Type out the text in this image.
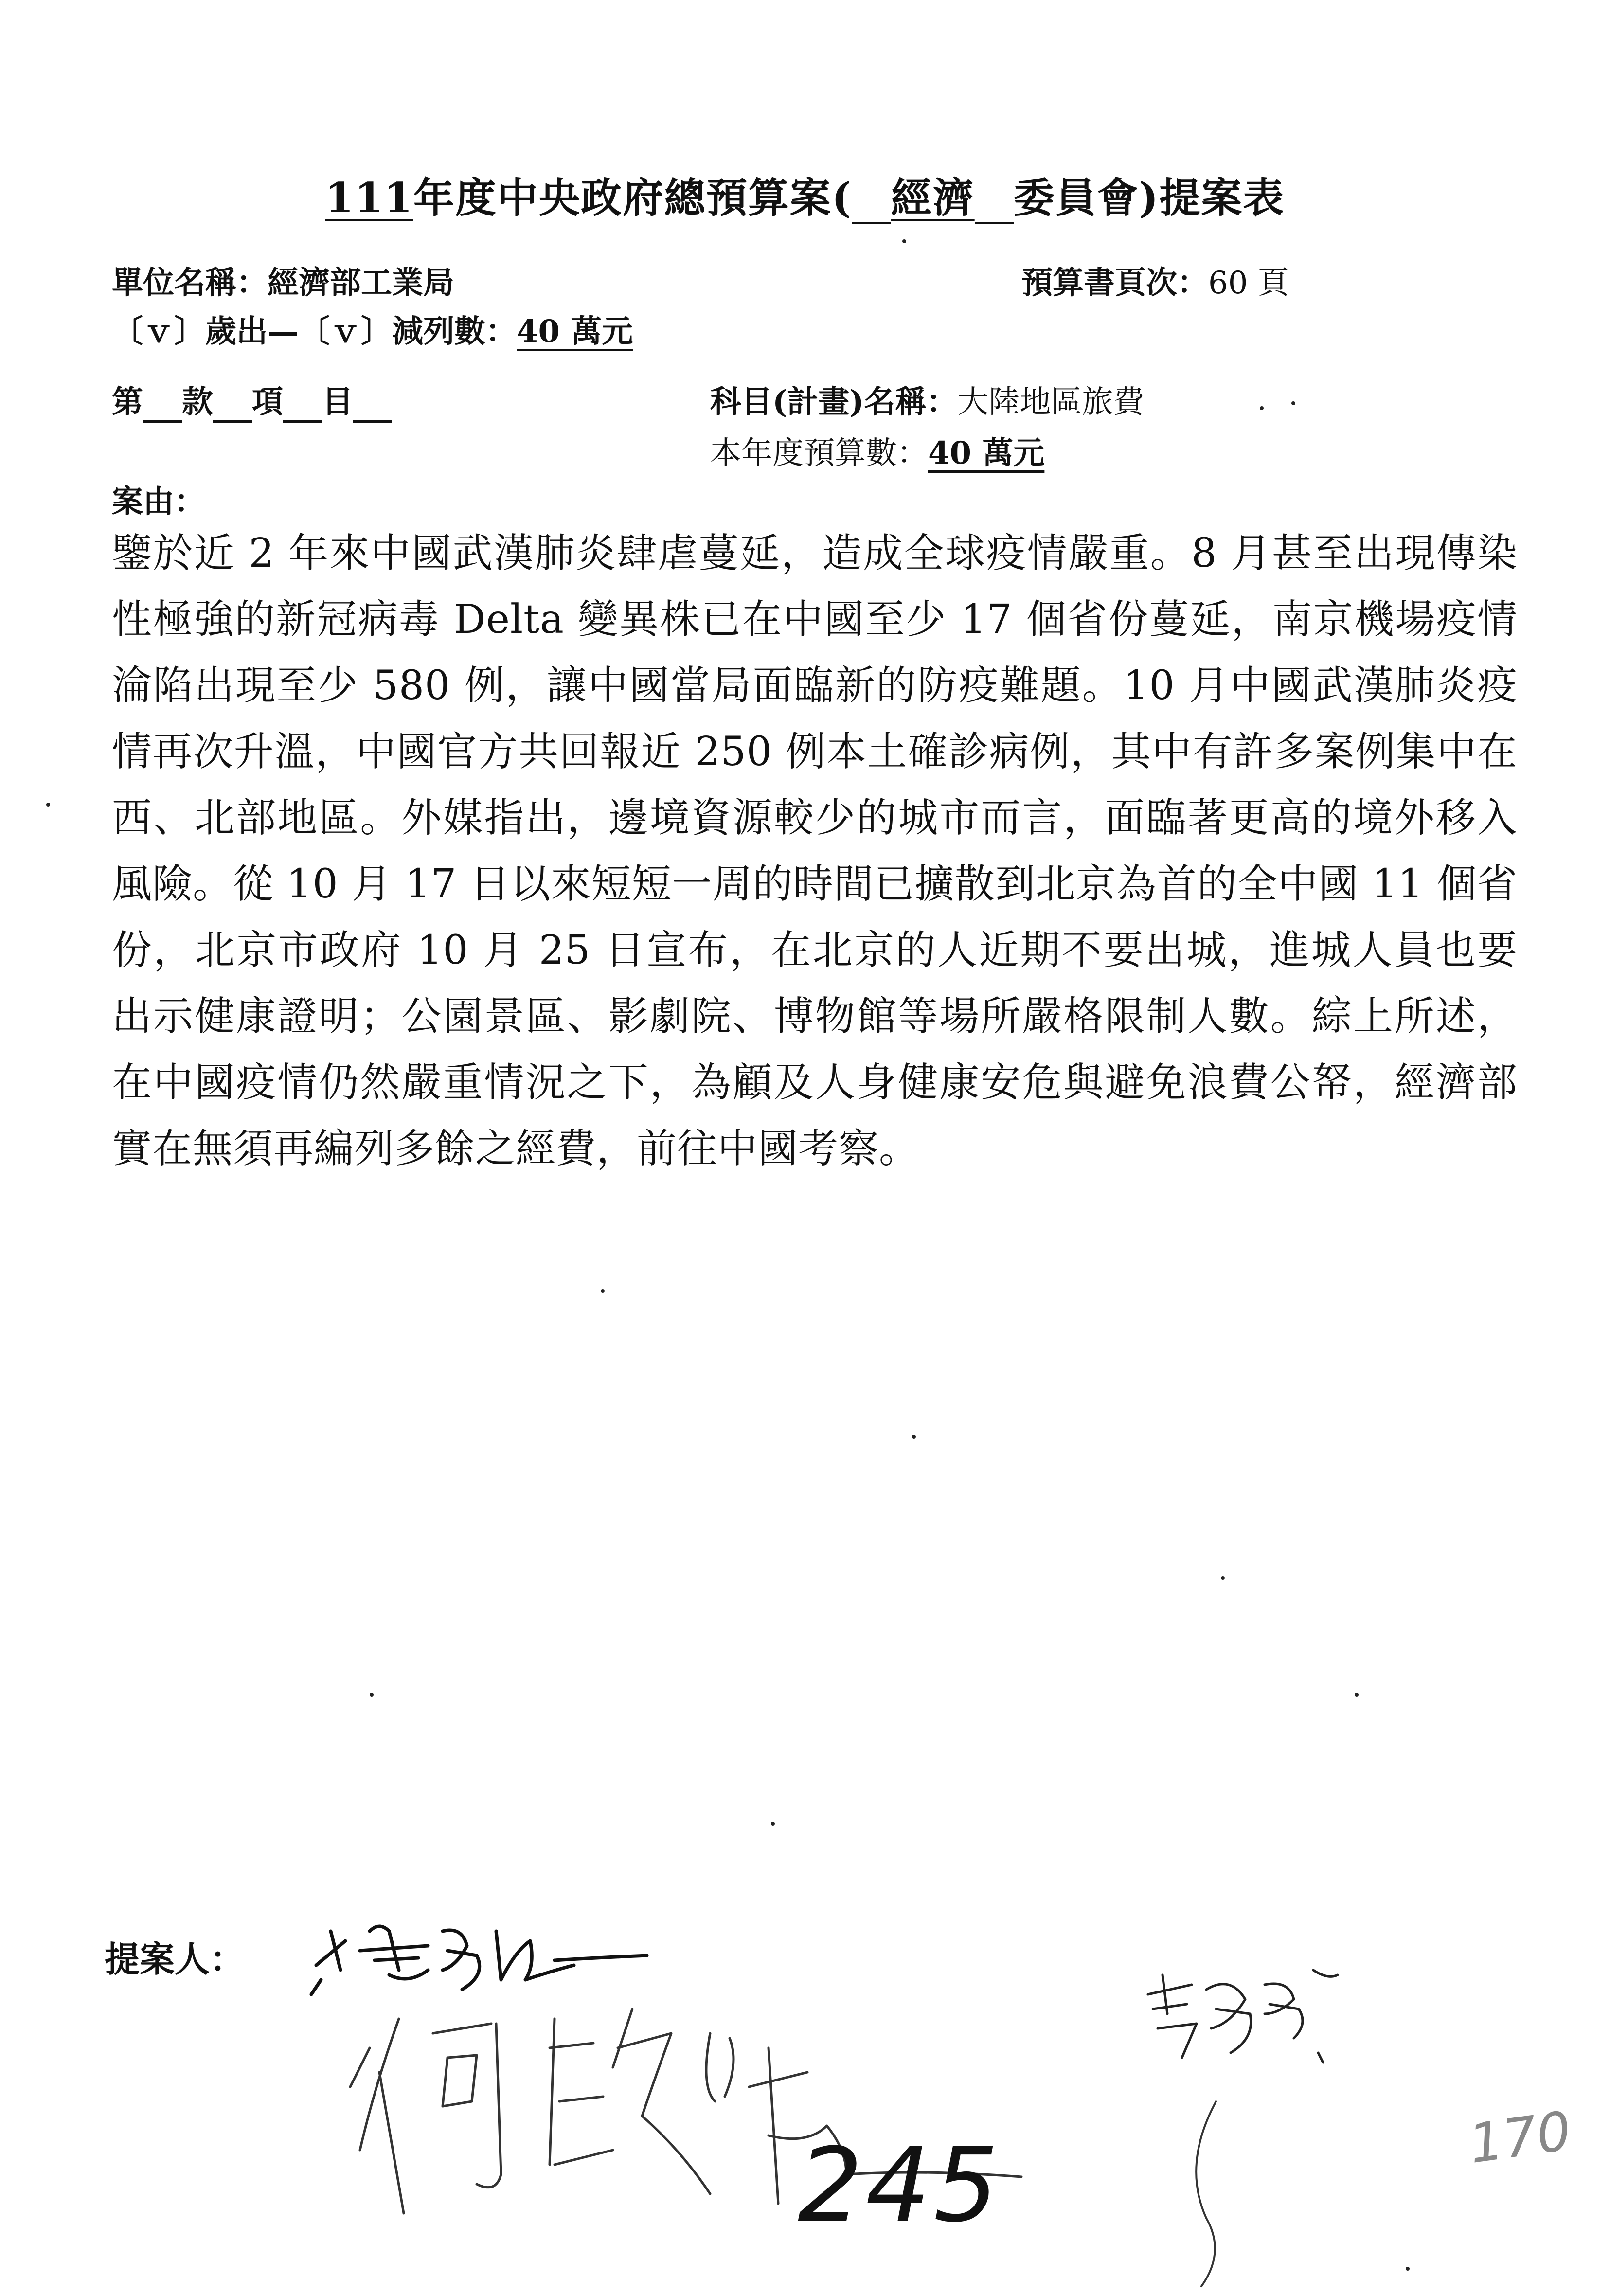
111年度中央政府總預算案( 經濟 委員會)提案表
單位名稱：經濟部工業局	預算書頁次：60 頁
〔ｖ〕歲出—〔ｖ〕減列數：40 萬元
第 款 項 目	科目(計畫)名稱：大陸地區旅費
本年度預算數：40 萬元
案由：

鑒於近 2 年來中國武漢肺炎肆虐蔓延，造成全球疫情嚴重。8 月甚至出現傳染性極強的新冠病毒 Delta 變異株已在中國至少 17 個省份蔓延，南京機場疫情淪陷出現至少 580 例，讓中國當局面臨新的防疫難題。10 月中國武漢肺炎疫情再次升溫，中國官方共回報近 250 例本土確診病例，其中有許多案例集中在西、北部地區。外媒指出，邊境資源較少的城市而言，面臨著更高的境外移入風險。從 10 月 17 日以來短短一周的時間已擴散到北京為首的全中國 11 個省份，北京市政府 10 月 25 日宣布，在北京的人近期不要出城，進城人員也要出示健康證明；公園景區、影劇院、博物館等場所嚴格限制人數。綜上所述，在中國疫情仍然嚴重情況之下，為顧及人身健康安危與避免浪費公帑，經濟部實在無須再編列多餘之經費，前往中國考察。

提案人：
245	170
